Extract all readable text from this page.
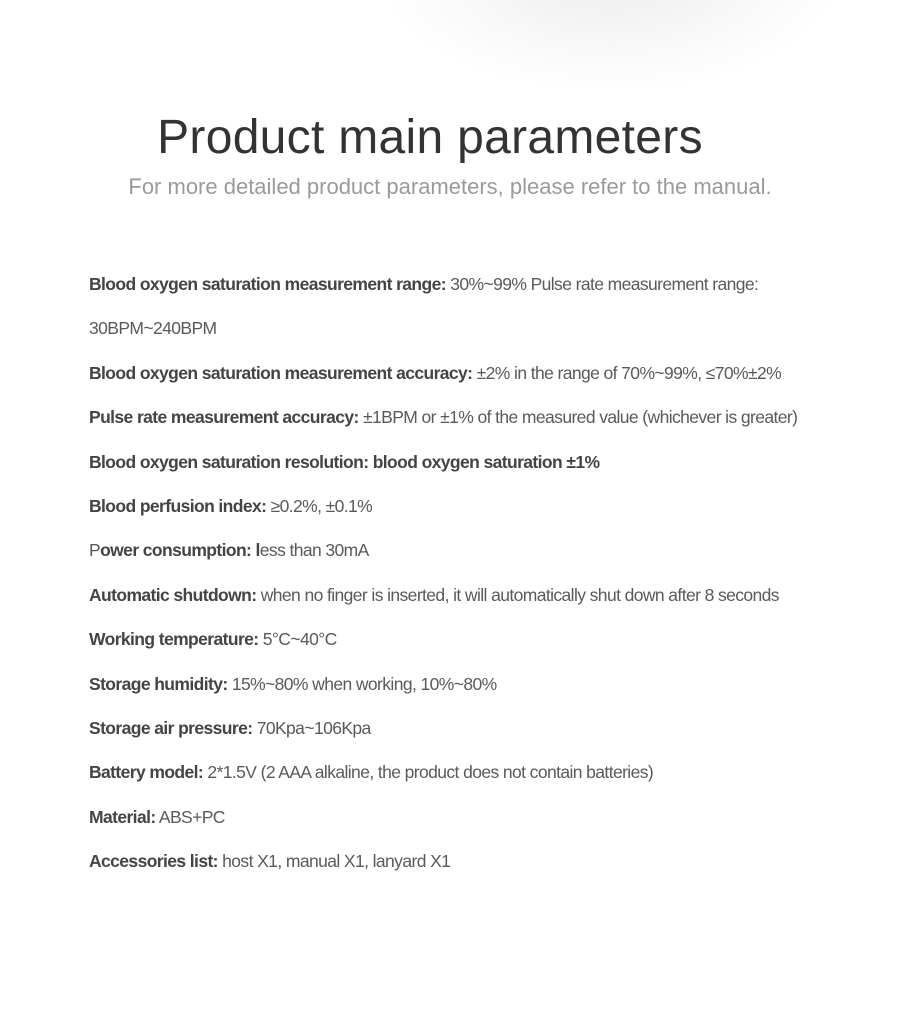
Product main parameters
For more detailed product parameters, please refer to the manual.
Blood oxygen saturation measurement range: 30%~99% Pulse rate measurement range:
30BPM~240BPM
Blood oxygen saturation measurement accuracy: ±2% in the range of 70%~99%, ≤70%±2%
Pulse rate measurement accuracy: ±1BPM or ±1% of the measured value (whichever is greater)
Blood oxygen saturation resolution: blood oxygen saturation ±1%
Blood perfusion index: ≥0.2%, ±0.1%
Power consumption: less than 30mA
Automatic shutdown: when no finger is inserted, it will automatically shut down after 8 seconds
Working temperature: 5°C~40°C
Storage humidity: 15%~80% when working, 10%~80%
Storage air pressure: 70Kpa~106Kpa
Battery model: 2*1.5V (2 AAA alkaline, the product does not contain batteries)
Material: ABS+PC
Accessories list: host X1, manual X1, lanyard X1
